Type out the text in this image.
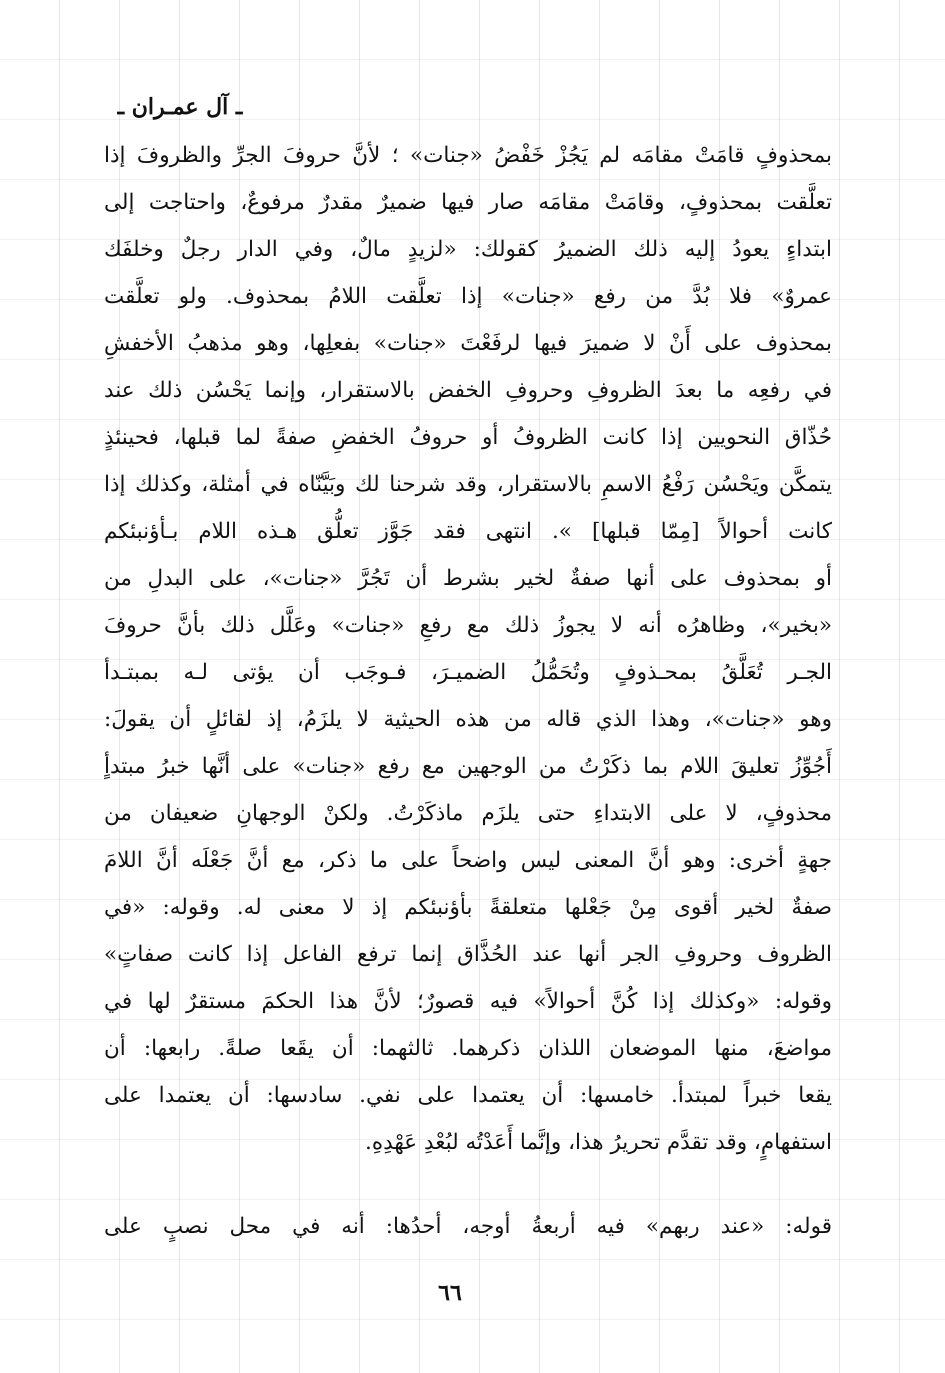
ـ آل عمـران ـ
بمحذوفٍ قامَتْ مقامَه لم يَجُزْ خَفْضُ «جنات» ؛ لأنَّ حروفَ الجرِّ والظروفَ إذا
تعلَّقت بمحذوفٍ، وقامَتْ مقامَه صار فيها ضميرٌ مقدرٌ مرفوعٌ، واحتاجت إلى
ابتداءٍ يعودُ إليه ذلك الضميرُ كقولك: «لزيدٍ مالٌ، وفي الدار رجلٌ وخلفَك
عمروٌ» فلا بُدَّ من رفع «جنات» إذا تعلَّقت اللامُ بمحذوف. ولو تعلَّقت
بمحذوف على أَنْ لا ضميرَ فيها لرفَعْتَ «جنات» بفعلِها، وهو مذهبُ الأخفشِ
في رفعِه ما بعدَ الظروفِ وحروفِ الخفض بالاستقرار، وإنما يَحْسُن ذلك عند
حُذّاق النحويين إذا كانت الظروفُ أو حروفُ الخفضِ صفةً لما قبلها، فحينئذٍ
يتمكَّن ويَحْسُن رَفْعُ الاسمِ بالاستقرار، وقد شرحنا لك وبَيَّنّاه في أمثلة، وكذلك إذا
كانت أحوالاً [مِمّا قبلها] ». انتهى فقد جَوَّز تعلُّق هـذه اللام بـأؤنبئكم
أو بمحذوف على أنها صفةٌ لخير بشرط أن تَجُرَّ «جنات»، على البدلِ من
«بخير»، وظاهرُه أنه لا يجوزُ ذلك مع رفعِ «جنات» وعَلَّل ذلك بأنَّ حروفَ
الجـر تُعَلَّقُ بمحـذوفٍ وتُحَمُّلُ الضميـرَ، فـوجَب أن يؤتى لـه بمبتـدأ
وهو «جنات»، وهذا الذي قاله من هذه الحيثية لا يلزَمُ، إذ لقائلٍ أن يقولَ:
أَجُوِّزُ تعليقَ اللام بما ذكَرْتُ من الوجهين مع رفع «جنات» على أنَّها خبرُ مبتدأٍ
محذوفٍ، لا على الابتداءِ حتى يلزَم ماذكَرْتُ. ولكنْ الوجهانِ ضعيفان من
جهةٍ أخرى: وهو أنَّ المعنى ليس واضحاً على ما ذكر، مع أنَّ جَعْلَه أنَّ اللامَ
صفةٌ لخير أقوى مِنْ جَعْلها متعلقةً بأؤنبئكم إذ لا معنى له. وقوله: «في
الظروف وحروفِ الجر أنها عند الحُذَّاق إنما ترفع الفاعل إذا كانت صفاتٍ»
وقوله: «وكذلك إذا كُنَّ أحوالاً» فيه قصورٌ؛ لأنَّ هذا الحكمَ مستقرٌ لها في
مواضعَ، منها الموضعان اللذان ذكرهما. ثالثهما: أن يقَعا صلةً. رابعها: أن
يقعا خبراً لمبتدأ. خامسها: أن يعتمدا على نفي. سادسها: أن يعتمدا على
استفهامٍ، وقد تقدَّم تحريرُ هذا، وإنَّما أَعَدْتُه لبُعْدِ عَهْدِهِ.
قوله: «عند ربهم» فيه أربعةُ أوجه، أحدُها: أنه في محل نصبٍ على
٦٦
